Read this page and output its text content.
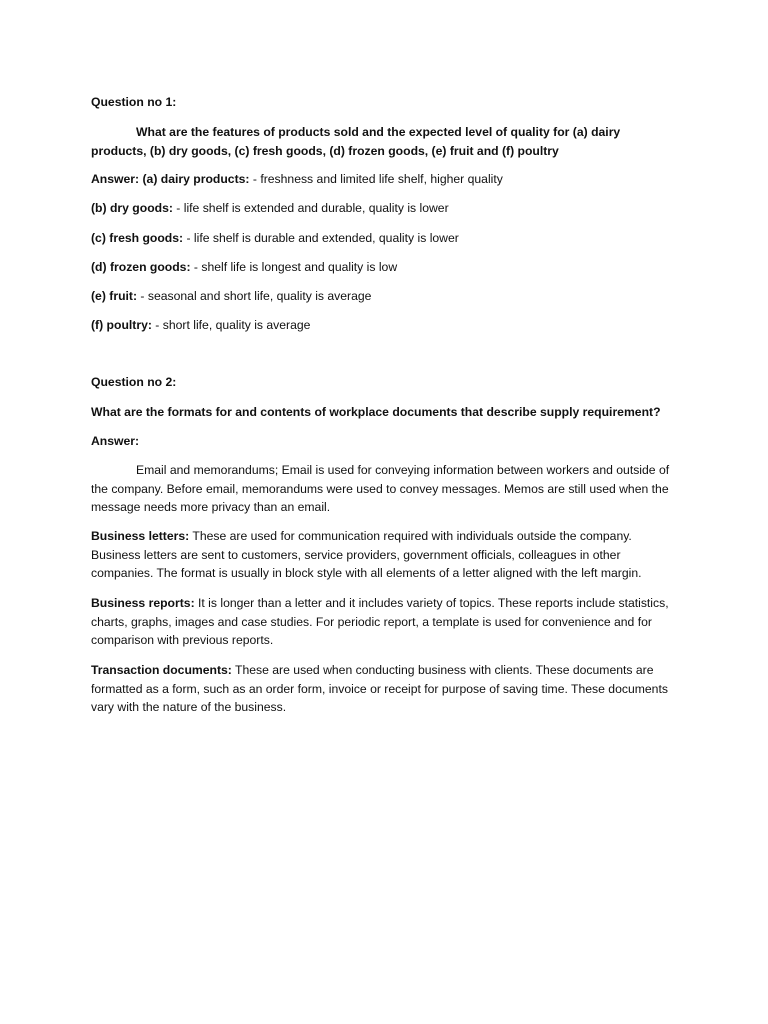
Question no 1:

What are the features of products sold and the expected level of quality for (a) dairy products, (b) dry goods, (c) fresh goods, (d) frozen goods, (e) fruit and (f) poultry

Answer: (a) dairy products: - freshness and limited life shelf, higher quality

(b) dry goods: - life shelf is extended and durable, quality is lower

(c) fresh goods: - life shelf is durable and extended, quality is lower

(d) frozen goods: - shelf life is longest and quality is low

(e) fruit: - seasonal and short life, quality is average

(f) poultry: - short life, quality is average

Question no 2:

What are the formats for and contents of workplace documents that describe supply requirement?

Answer:

Email and memorandums; Email is used for conveying information between workers and outside of the company. Before email, memorandums were used to convey messages. Memos are still used when the message needs more privacy than an email.

Business letters: These are used for communication required with individuals outside the company. Business letters are sent to customers, service providers, government officials, colleagues in other companies. The format is usually in block style with all elements of a letter aligned with the left margin.

Business reports: It is longer than a letter and it includes variety of topics. These reports include statistics, charts, graphs, images and case studies. For periodic report, a template is used for convenience and for comparison with previous reports.

Transaction documents: These are used when conducting business with clients. These documents are formatted as a form, such as an order form, invoice or receipt for purpose of saving time. These documents vary with the nature of the business.
